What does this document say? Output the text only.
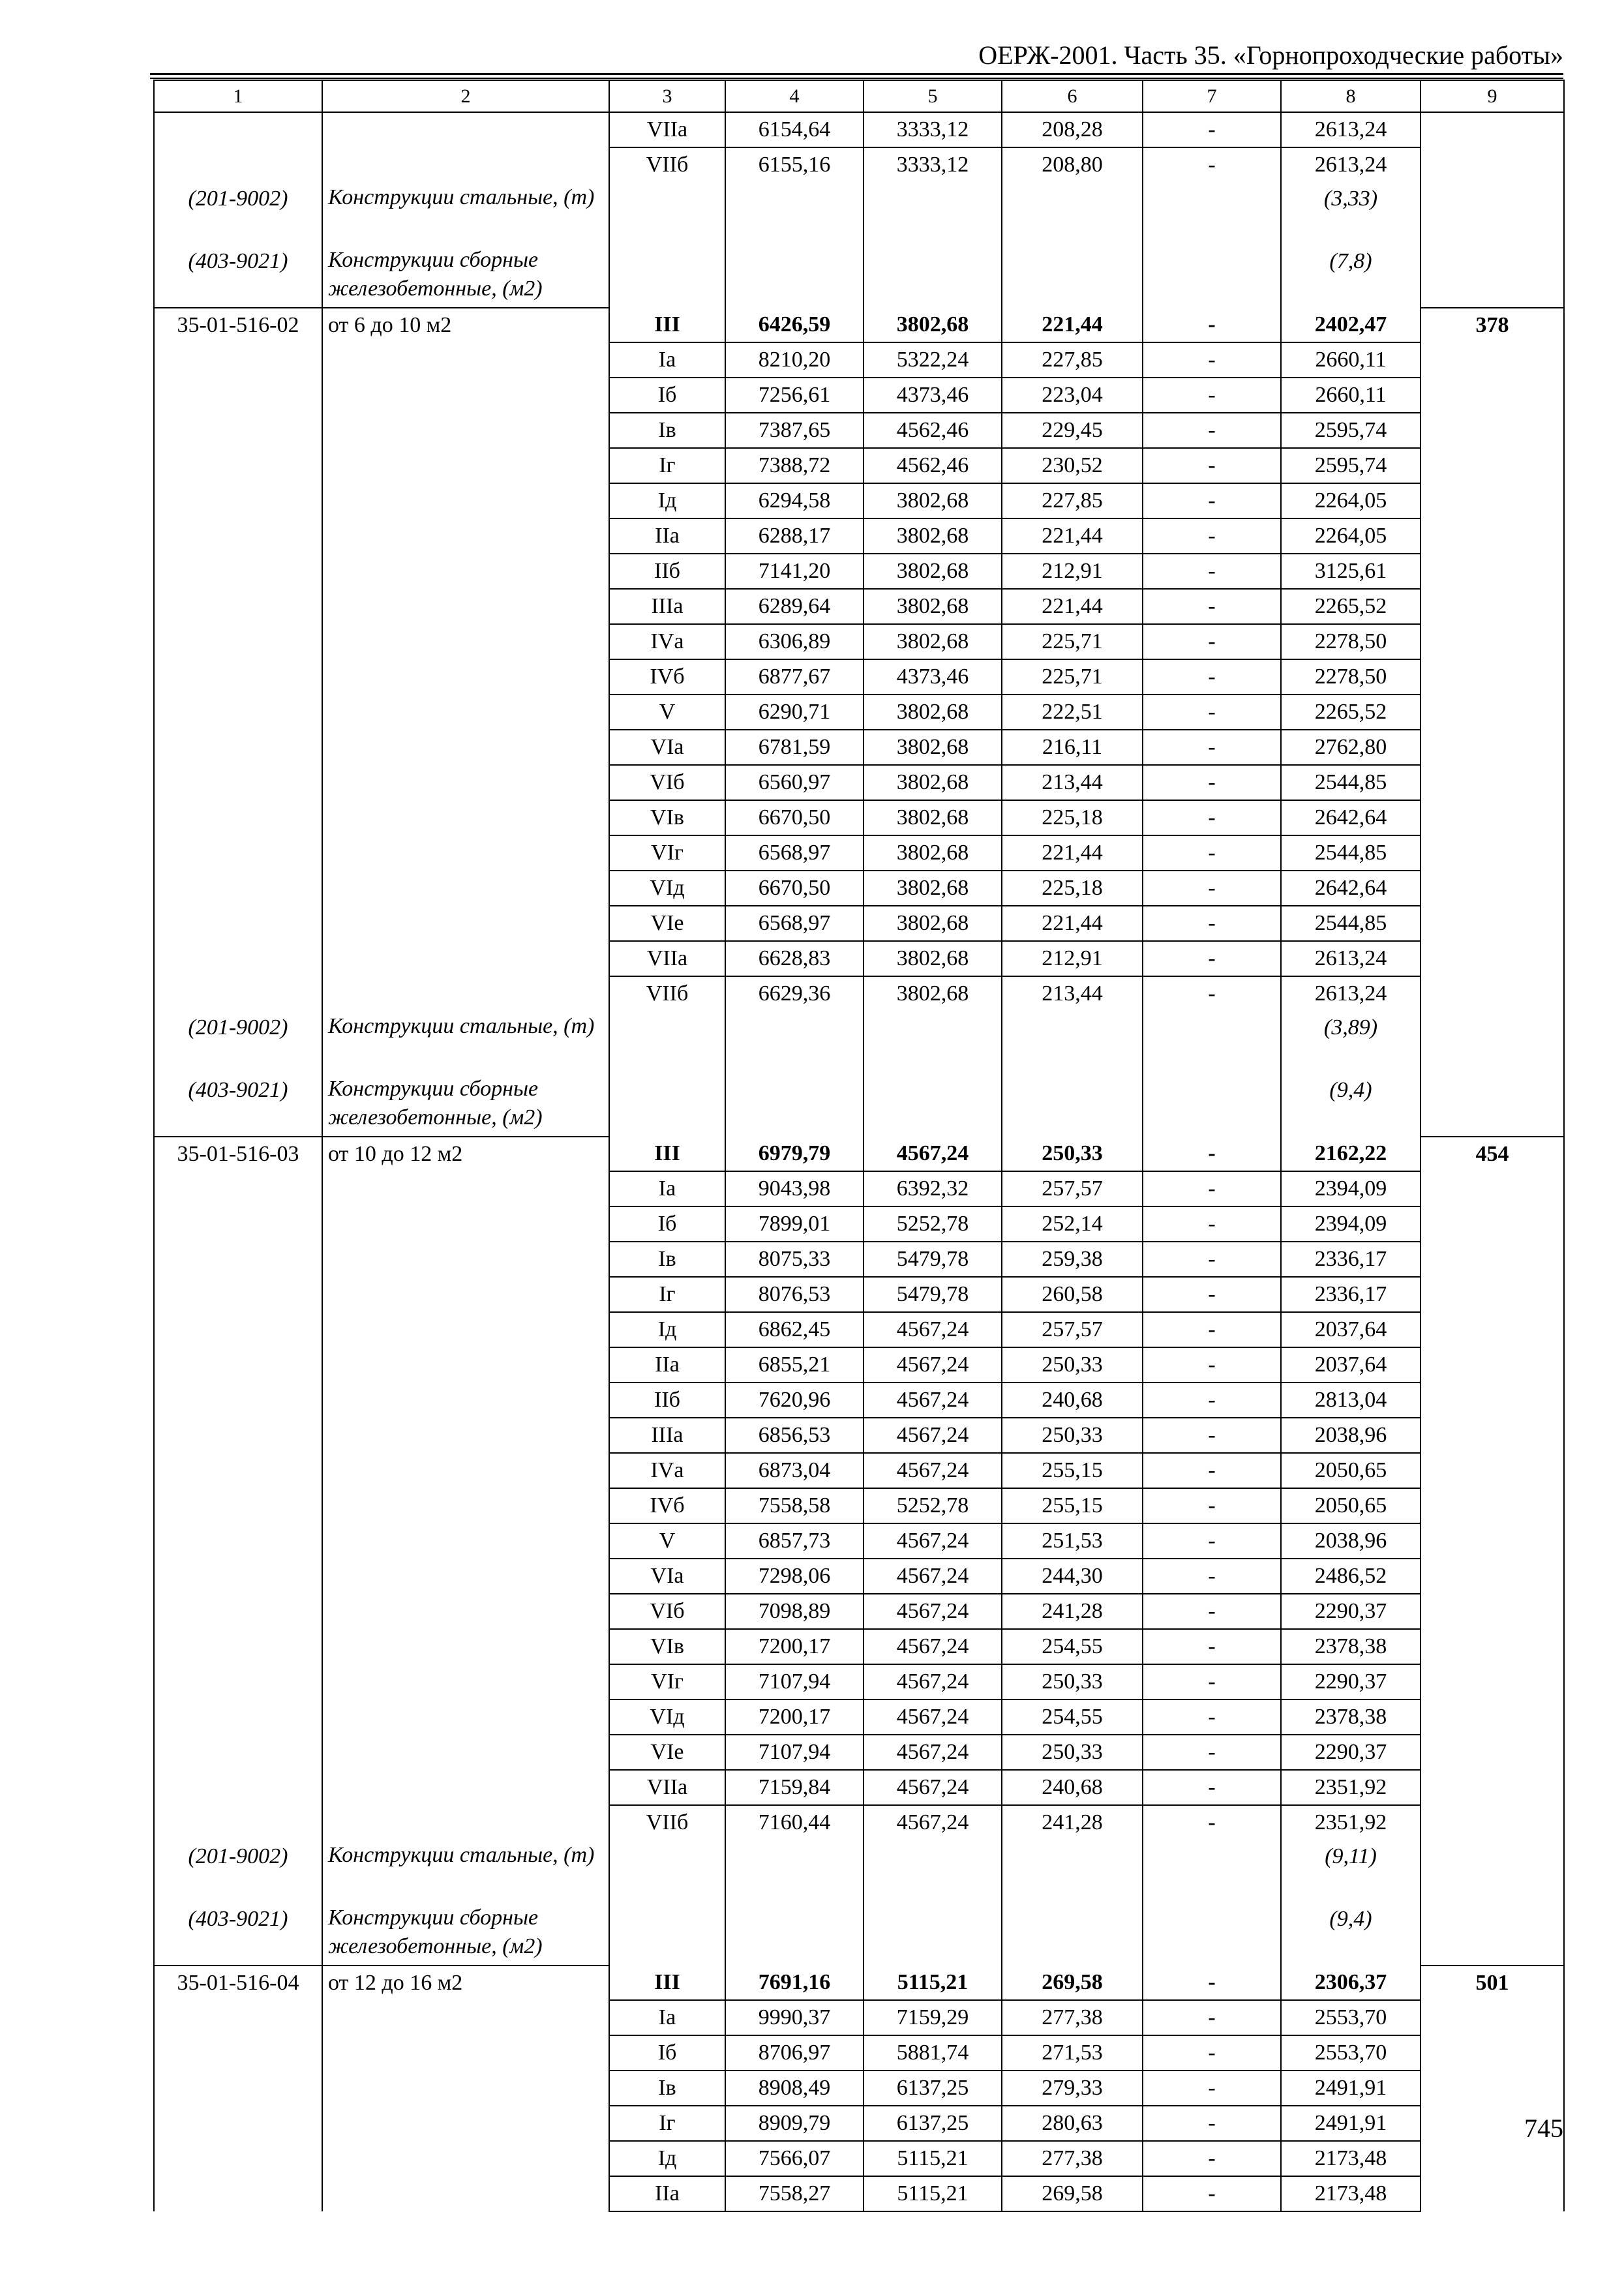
ОЕРЖ-2001. Часть 35. «Горнопроходческие работы»
1	2	3	4	5	6	7	8	9
		VIIа	6154,64	3333,12	208,28	-	2613,24	
		VIIб	6155,16	3333,12	208,80	-	2613,24	
(201-9002)	Конструкции стальные, (т)						(3,33)	
(403-9021)	Конструкции сборные железобетонные, (м2)						(7,8)	
35-01-516-02	от 6 до 10 м2	III	6426,59	3802,68	221,44	-	2402,47	378
		Iа	8210,20	5322,24	227,85	-	2660,11	
		Iб	7256,61	4373,46	223,04	-	2660,11	
		Iв	7387,65	4562,46	229,45	-	2595,74	
		Iг	7388,72	4562,46	230,52	-	2595,74	
		Iд	6294,58	3802,68	227,85	-	2264,05	
		IIа	6288,17	3802,68	221,44	-	2264,05	
		IIб	7141,20	3802,68	212,91	-	3125,61	
		IIIа	6289,64	3802,68	221,44	-	2265,52	
		IVа	6306,89	3802,68	225,71	-	2278,50	
		IVб	6877,67	4373,46	225,71	-	2278,50	
		V	6290,71	3802,68	222,51	-	2265,52	
		VIа	6781,59	3802,68	216,11	-	2762,80	
		VIб	6560,97	3802,68	213,44	-	2544,85	
		VIв	6670,50	3802,68	225,18	-	2642,64	
		VIг	6568,97	3802,68	221,44	-	2544,85	
		VIд	6670,50	3802,68	225,18	-	2642,64	
		VIе	6568,97	3802,68	221,44	-	2544,85	
		VIIа	6628,83	3802,68	212,91	-	2613,24	
		VIIб	6629,36	3802,68	213,44	-	2613,24	
(201-9002)	Конструкции стальные, (т)						(3,89)	
(403-9021)	Конструкции сборные железобетонные, (м2)						(9,4)	
35-01-516-03	от 10 до 12 м2	III	6979,79	4567,24	250,33	-	2162,22	454
		Iа	9043,98	6392,32	257,57	-	2394,09	
		Iб	7899,01	5252,78	252,14	-	2394,09	
		Iв	8075,33	5479,78	259,38	-	2336,17	
		Iг	8076,53	5479,78	260,58	-	2336,17	
		Iд	6862,45	4567,24	257,57	-	2037,64	
		IIа	6855,21	4567,24	250,33	-	2037,64	
		IIб	7620,96	4567,24	240,68	-	2813,04	
		IIIа	6856,53	4567,24	250,33	-	2038,96	
		IVа	6873,04	4567,24	255,15	-	2050,65	
		IVб	7558,58	5252,78	255,15	-	2050,65	
		V	6857,73	4567,24	251,53	-	2038,96	
		VIа	7298,06	4567,24	244,30	-	2486,52	
		VIб	7098,89	4567,24	241,28	-	2290,37	
		VIв	7200,17	4567,24	254,55	-	2378,38	
		VIг	7107,94	4567,24	250,33	-	2290,37	
		VIд	7200,17	4567,24	254,55	-	2378,38	
		VIе	7107,94	4567,24	250,33	-	2290,37	
		VIIа	7159,84	4567,24	240,68	-	2351,92	
		VIIб	7160,44	4567,24	241,28	-	2351,92	
(201-9002)	Конструкции стальные, (т)						(9,11)	
(403-9021)	Конструкции сборные железобетонные, (м2)						(9,4)	
35-01-516-04	от 12 до 16 м2	III	7691,16	5115,21	269,58	-	2306,37	501
		Iа	9990,37	7159,29	277,38	-	2553,70	
		Iб	8706,97	5881,74	271,53	-	2553,70	
		Iв	8908,49	6137,25	279,33	-	2491,91	
		Iг	8909,79	6137,25	280,63	-	2491,91	
		Iд	7566,07	5115,21	277,38	-	2173,48	
		IIа	7558,27	5115,21	269,58	-	2173,48	
745
